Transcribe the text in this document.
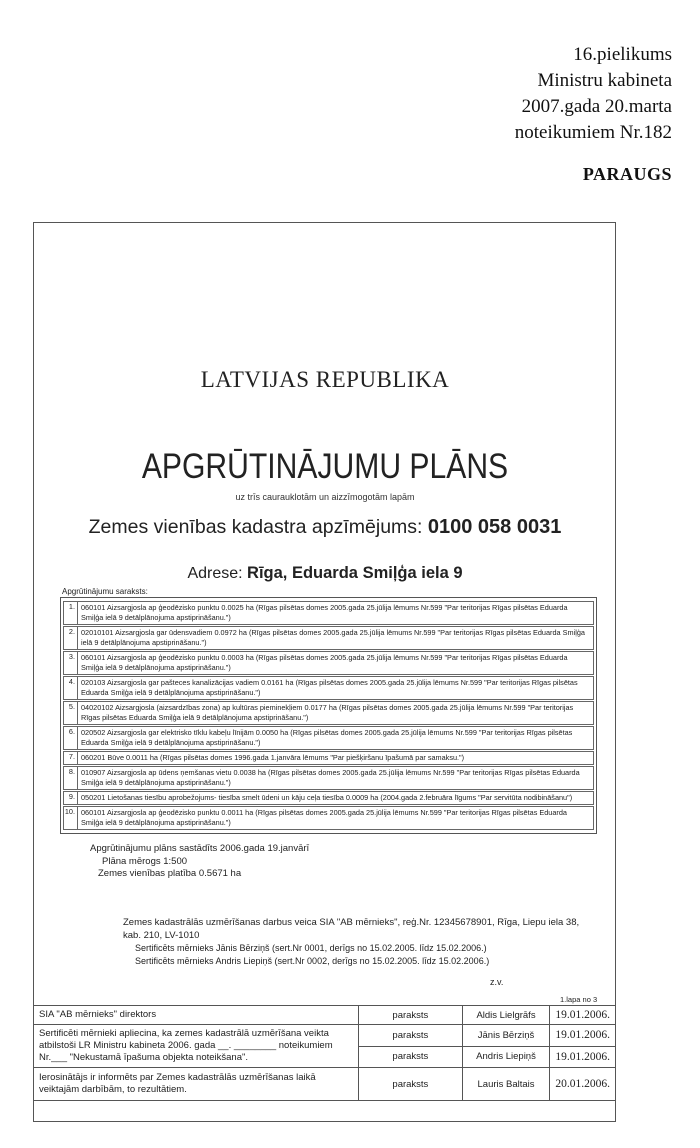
16.pielikums
Ministru kabineta
2007.gada 20.marta
noteikumiem Nr.182
PARAUGS
LATVIJAS REPUBLIKA
APGRŪTINĀJUMU PLĀNS
uz trīs caurauklotām un aizzīmogotām lapām
Zemes vienības kadastra apzīmējums: 0100 058 0031
Adrese: Rīga, Eduarda Smiļģa iela 9
Apgrūtinājumu saraksts:
1. 060101 Aizsargjosla ap ģeodēzisko punktu 0.0025 ha (Rīgas pilsētas domes 2005.gada 25.jūlija lēmums Nr.599 "Par teritorijas Rīgas pilsētas Eduarda Smiļģa ielā 9 detālplānojuma apstiprināšanu.")
2. 02010101 Aizsargjosla gar ūdensvadiem 0.0972 ha (Rīgas pilsētas domes 2005.gada 25.jūlija lēmums Nr.599 "Par teritorijas Rīgas pilsētas Eduarda Smiļģa ielā 9 detālplānojuma apstiprināšanu.")
3. 060101 Aizsargjosla ap ģeodēzisko punktu 0.0003 ha (Rīgas pilsētas domes 2005.gada 25.jūlija lēmums Nr.599 "Par teritorijas Rīgas pilsētas Eduarda Smiļģa ielā 9 detālplānojuma apstiprināšanu.")
4. 020103 Aizsargjosla gar pašteces kanalizācijas vadiem 0.0161 ha (Rīgas pilsētas domes 2005.gada 25.jūlija lēmums Nr.599 "Par teritorijas Rīgas pilsētas Eduarda Smiļģa ielā 9 detālplānojuma apstiprināšanu.")
5. 04020102 Aizsargjosla (aizsardzības zona) ap kultūras pieminekļiem 0.0177 ha (Rīgas pilsētas domes 2005.gada 25.jūlija lēmums Nr.599 "Par teritorijas Rīgas pilsētas Eduarda Smiļģa ielā 9 detālplānojuma apstiprināšanu.")
6. 020502 Aizsargjosla gar elektrisko tīklu kabeļu līnijām 0.0050 ha (Rīgas pilsētas domes 2005.gada 25.jūlija lēmums Nr.599 "Par teritorijas Rīgas pilsētas Eduarda Smiļģa ielā 9 detālplānojuma apstiprināšanu.")
7. 060201 Būve 0.0011 ha (Rīgas pilsētas domes 1996.gada 1.janvāra lēmums "Par piešķiršanu īpašumā par samaksu.")
8. 010907 Aizsargjosla ap ūdens ņemšanas vietu 0.0038 ha (Rīgas pilsētas domes 2005.gada 25.jūlija lēmums Nr.599 "Par teritorijas Rīgas pilsētas Eduarda Smiļģa ielā 9 detālplānojuma apstiprināšanu.")
9. 050201 Lietošanas tiesību aprobežojums- tiesība smelt ūdeni un kāju ceļa tiesība 0.0009 ha (2004.gada 2.februāra līgums "Par servitūta nodibināšanu")
10. 060101 Aizsargjosla ap ģeodēzisko punktu 0.0011 ha (Rīgas pilsētas domes 2005.gada 25.jūlija lēmums Nr.599 "Par teritorijas Rīgas pilsētas Eduarda Smiļģa ielā 9 detālplānojuma apstiprināšanu.")
Apgrūtinājumu plāns sastādīts 2006.gada 19.janvārī
Plāna mērogs 1:500
Zemes vienības platība 0.5671 ha
Zemes kadastrālās uzmērīšanas darbus veica SIA "AB mērnieks", reģ.Nr. 12345678901, Rīga, Liepu iela 38,
kab. 210, LV-1010
Sertificēts mērnieks Jānis Bērziņš (sert.Nr 0001, derīgs no 15.02.2005. līdz 15.02.2006.)
Sertificēts mērnieks Andris Liepiņš (sert.Nr 0002, derīgs no 15.02.2005. līdz 15.02.2006.)
z.v.
1.lapa no 3
SIA "AB mērnieks" direktors	paraksts	Aldis Lielgrāfs	19.01.2006.
Sertificēti mērnieki apliecina, ka zemes kadastrālā uzmērīšana veikta atbilstoši LR Ministru kabineta 2006. gada __. ________ noteikumiem Nr.___ "Nekustamā īpašuma objekta noteikšana".	paraksts	Jānis Bērziņš	19.01.2006.
	paraksts	Andris Liepiņš	19.01.2006.
Ierosinātājs ir informēts par Zemes kadastrālās uzmērīšanas laikā veiktajām darbībām, to rezultātiem.	paraksts	Lauris Baltais	20.01.2006.
